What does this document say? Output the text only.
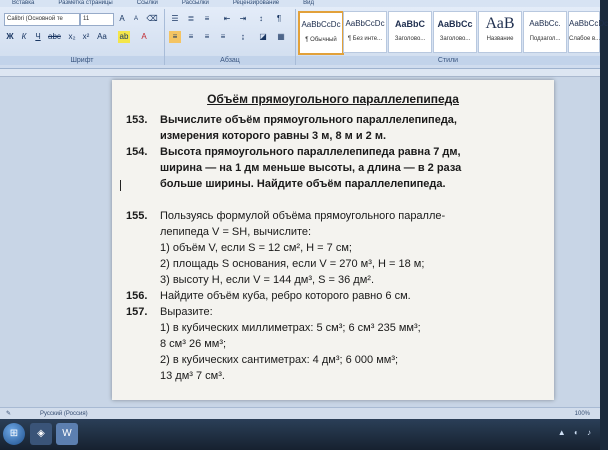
Вставка	Разметка страницы	Ссылки	Рассылки	Рецензирование	Вид
Calibri (Основной те	11	A	A	⌫
Ж	К	Ч abc x₂ x² Aa ab	A
Шрифт
☰	≣	≡	⇤	⇥	↕	¶
≡	≡	≡	≡	↨	◪ ▦
Абзац
AaBbCcDc
¶ Обычный
AaBbCcDc
¶ Без инте...
AaBbC
Заголово...
AaBbCc
Заголово...
АаВ
Название
AaBbCc.
Подзагол...
AaBbCcDc
Слабое в...
Стили
Объём прямоугольного параллелепипеда
153. Вычислите объём прямоугольного параллелепипеда,
измерения которого равны 3 м, 8 м и 2 м.
154. Высота прямоугольного параллелепипеда равна 7 дм,
ширина — на 1 дм меньше высоты, а длина — в 2 раза
больше ширины. Найдите объём параллелепипеда.
155. Пользуясь формулой объёма прямоугольного паралле-
лепипеда V = SH, вычислите:
1) объём V, если S = 12 см², H = 7 см;
2) площадь S основания, если V = 270 м³, H = 18 м;
3) высоту H, если V = 144 дм³, S = 36 дм².
156. Найдите объём куба, ребро которого равно 6 см.
157. Выразите:
1) в кубических миллиметрах: 5 см³; 6 см³ 235 мм³;
8 см³ 26 мм³;
2) в кубических сантиметрах: 4 дм³; 6 000 мм³;
13 дм³ 7 см³.
✎	Русский (Россия)	100%
⊞	◈	W	▲ ◐ ♪
